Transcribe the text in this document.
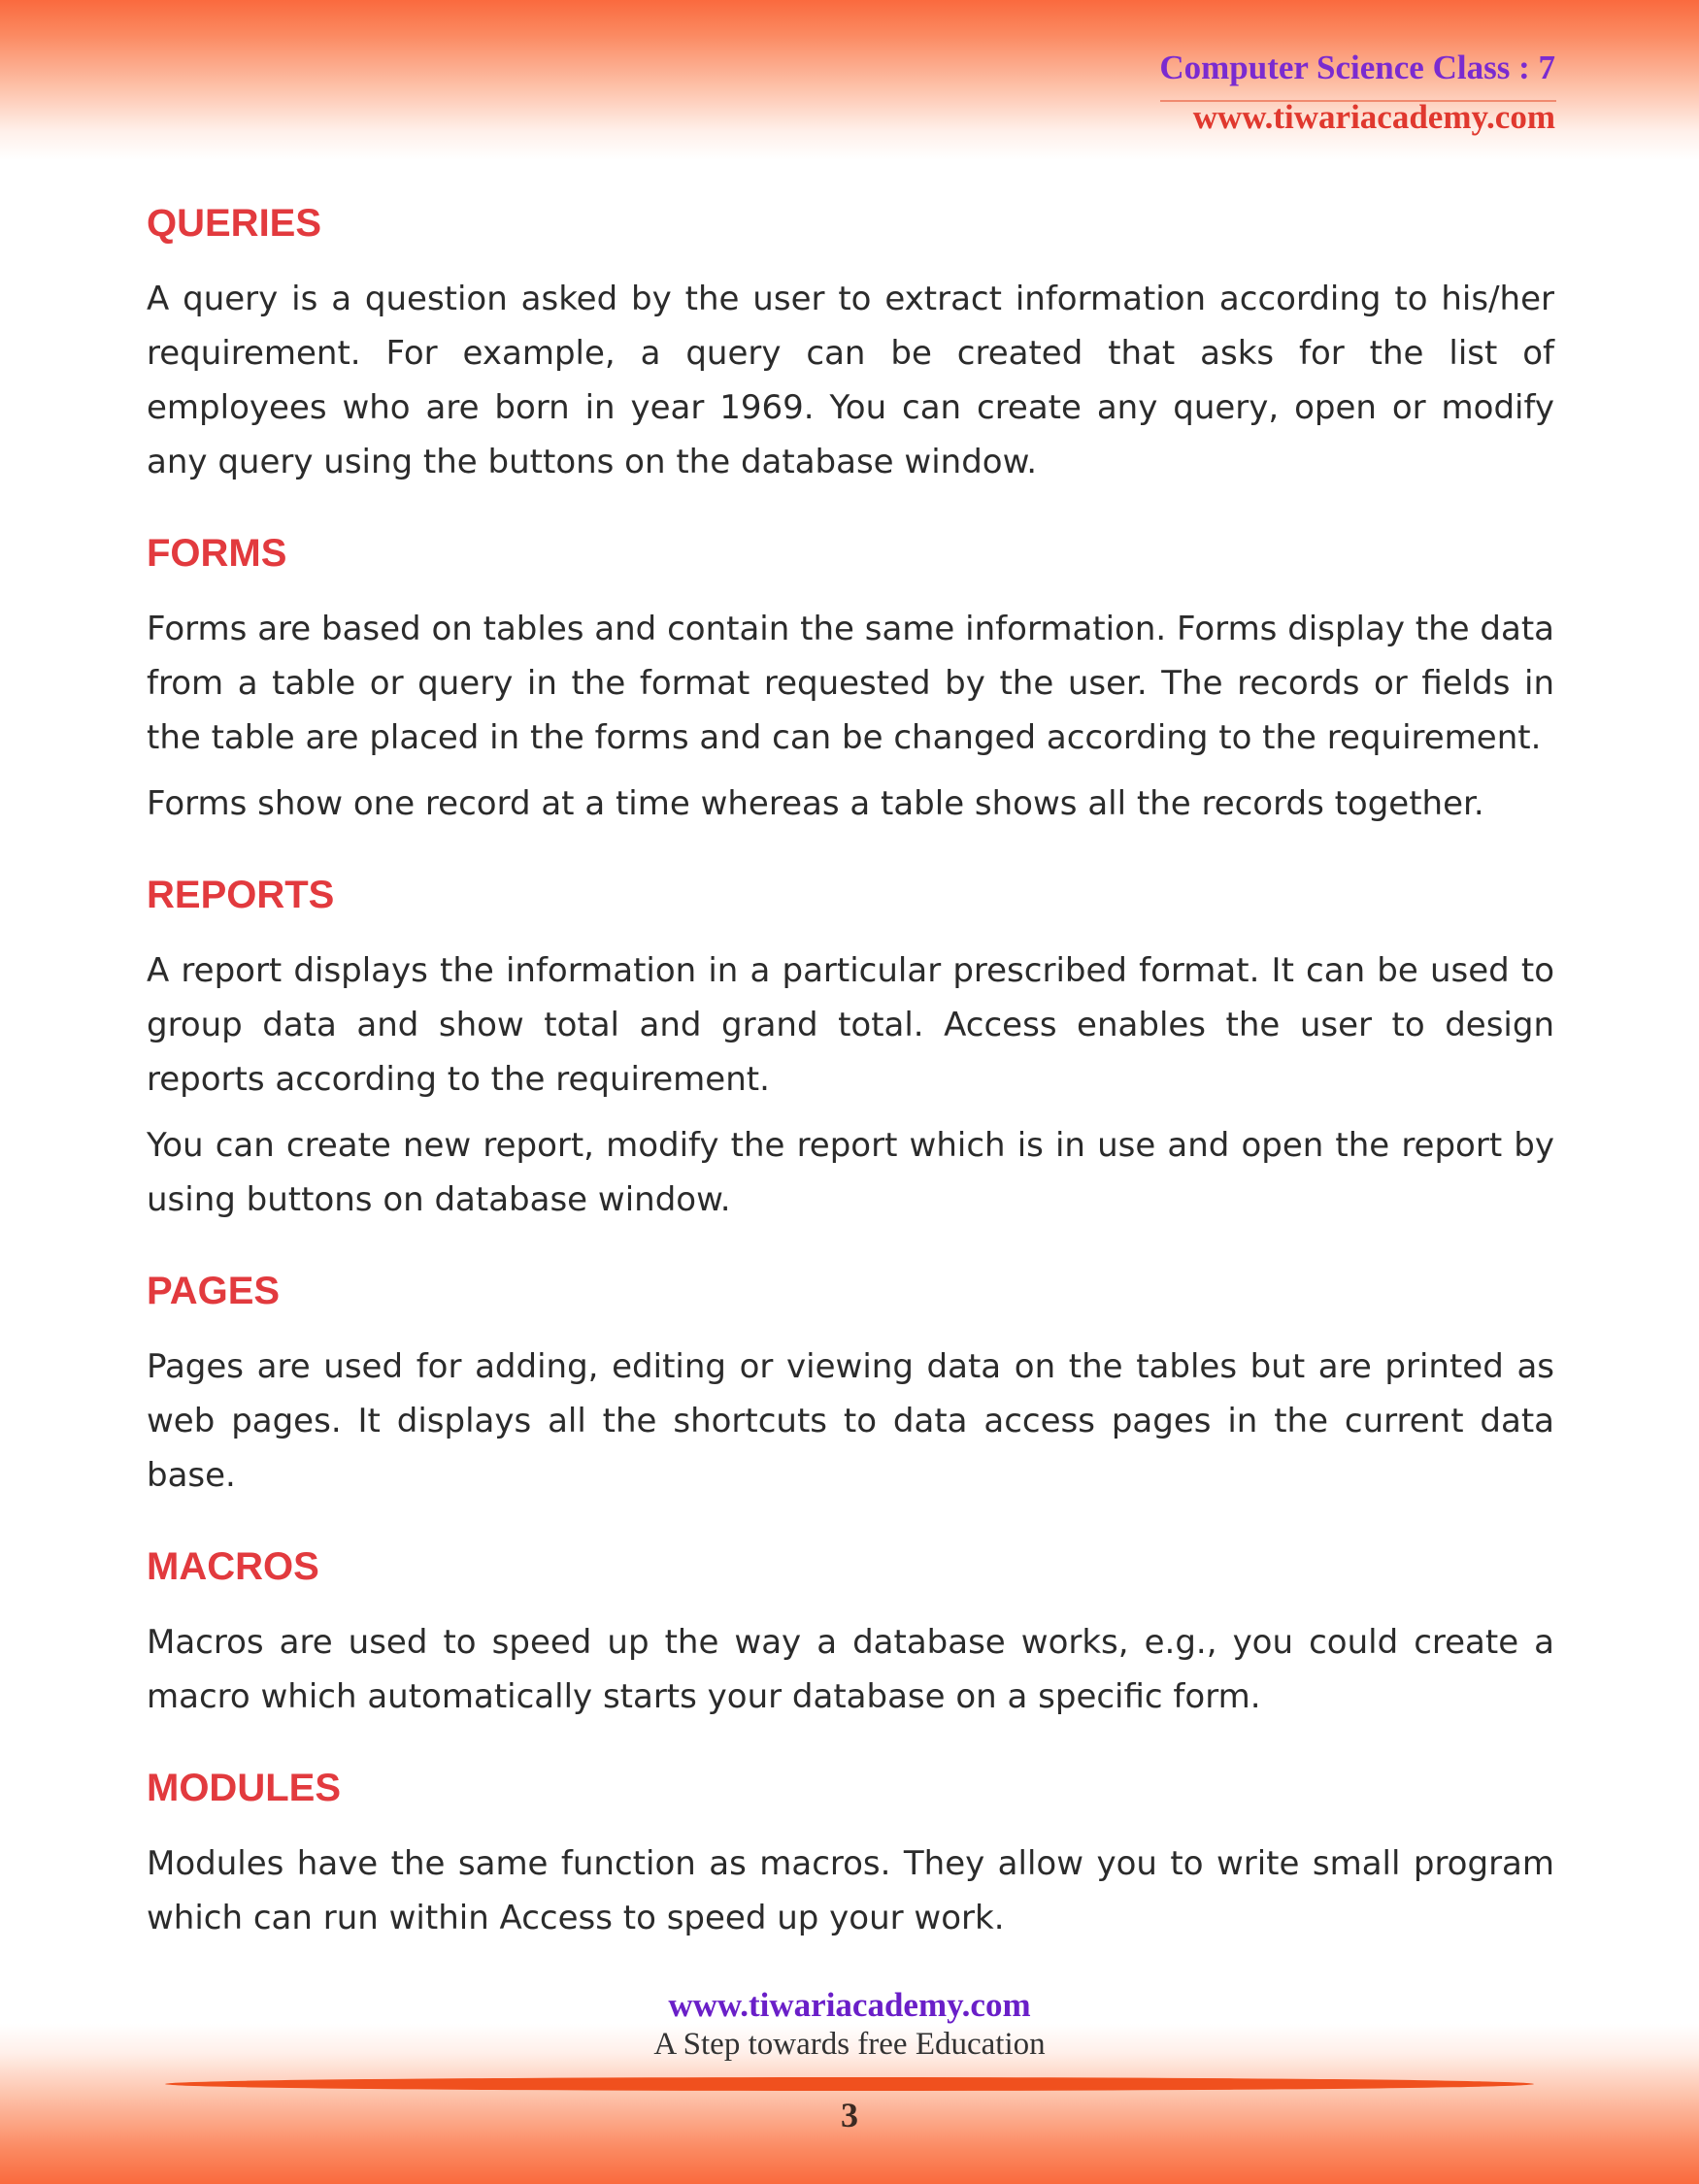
Computer Science Class : 7
www.tiwariacademy.com
QUERIES

A query is a question asked by the user to extract information according to his/her requirement. For example, a query can be created that asks for the list of employees who are born in year 1969. You can create any query, open or modify any query using the buttons on the database window.

FORMS

Forms are based on tables and contain the same information. Forms display the data from a table or query in the format requested by the user. The records or fields in the table are placed in the forms and can be changed according to the requirement.

Forms show one record at a time whereas a table shows all the records together.

REPORTS

A report displays the information in a particular prescribed format. It can be used to group data and show total and grand total. Access enables the user to design reports according to the requirement.

You can create new report, modify the report which is in use and open the report by using buttons on database window.

PAGES

Pages are used for adding, editing or viewing data on the tables but are printed as web pages. It displays all the shortcuts to data access pages in the current data base.

MACROS

Macros are used to speed up the way a database works, e.g., you could create a macro which automatically starts your database on a specific form.

MODULES

Modules have the same function as macros. They allow you to write small program which can run within Access to speed up your work.

www.tiwariacademy.com
A Step towards free Education
3
